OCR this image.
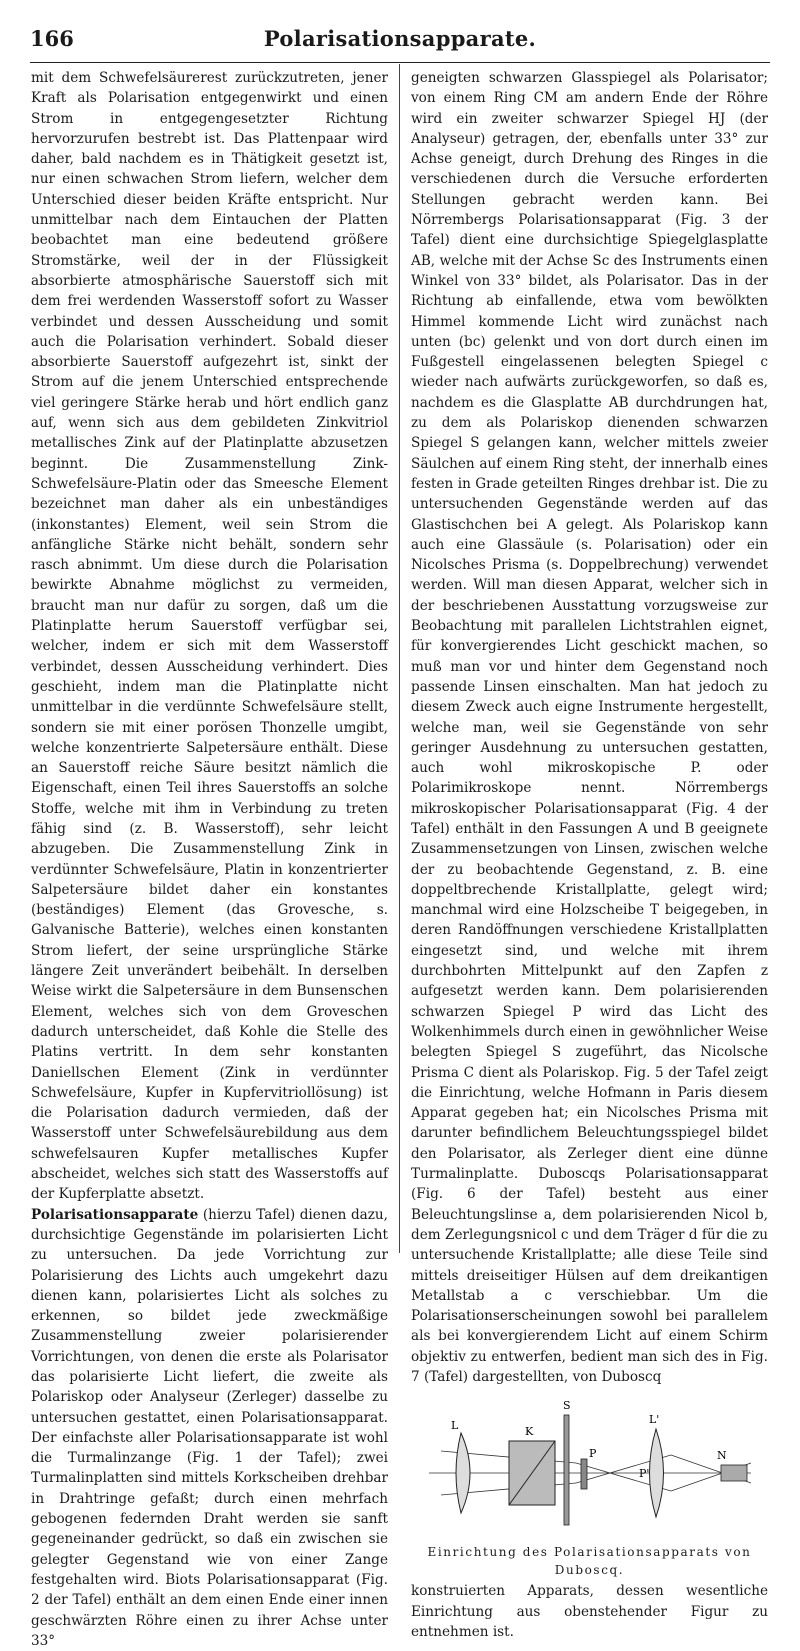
166	Polarisationsapparate.

mit dem Schwefelsäurerest zurückzutreten, jener Kraft als Polarisation entgegenwirkt und einen Strom in entgegengesetzter Richtung hervorzurufen bestrebt ist. Das Plattenpaar wird daher, bald nachdem es in Thätigkeit gesetzt ist, nur einen schwachen Strom liefern, welcher dem Unterschied dieser beiden Kräfte entspricht. Nur unmittelbar nach dem Eintauchen der Platten beobachtet man eine bedeutend größere Stromstärke, weil der in der Flüssigkeit absorbierte atmosphärische Sauerstoff sich mit dem frei werdenden Wasserstoff sofort zu Wasser verbindet und dessen Ausscheidung und somit auch die Polarisation verhindert. Sobald dieser absorbierte Sauerstoff aufgezehrt ist, sinkt der Strom auf die jenem Unterschied entsprechende viel geringere Stärke herab und hört endlich ganz auf, wenn sich aus dem gebildeten Zinkvitriol metallisches Zink auf der Platinplatte abzusetzen beginnt. Die Zusammenstellung Zink-Schwefelsäure-Platin oder das Smeesche Element bezeichnet man daher als ein unbeständiges (inkonstantes) Element, weil sein Strom die anfängliche Stärke nicht behält, sondern sehr rasch abnimmt. Um diese durch die Polarisation bewirkte Abnahme möglichst zu vermeiden, braucht man nur dafür zu sorgen, daß um die Platinplatte herum Sauerstoff verfügbar sei, welcher, indem er sich mit dem Wasserstoff verbindet, dessen Ausscheidung verhindert. Dies geschieht, indem man die Platinplatte nicht unmittelbar in die verdünnte Schwefelsäure stellt, sondern sie mit einer porösen Thonzelle umgibt, welche konzentrierte Salpetersäure enthält. Diese an Sauerstoff reiche Säure besitzt nämlich die Eigenschaft, einen Teil ihres Sauerstoffs an solche Stoffe, welche mit ihm in Verbindung zu treten fähig sind (z. B. Wasserstoff), sehr leicht abzugeben. Die Zusammenstellung Zink in verdünnter Schwefelsäure, Platin in konzentrierter Salpetersäure bildet daher ein konstantes (beständiges) Element (das Grovesche, s. Galvanische Batterie), welches einen konstanten Strom liefert, der seine ursprüngliche Stärke längere Zeit unverändert beibehält. In derselben Weise wirkt die Salpetersäure in dem Bunsenschen Element, welches sich von dem Groveschen dadurch unterscheidet, daß Kohle die Stelle des Platins vertritt. In dem sehr konstanten Daniellschen Element (Zink in verdünnter Schwefelsäure, Kupfer in Kupfervitriollösung) ist die Polarisation dadurch vermieden, daß der Wasserstoff unter Schwefelsäurebildung aus dem schwefelsauren Kupfer metallisches Kupfer abscheidet, welches sich statt des Wasserstoffs auf der Kupferplatte absetzt.

Polarisationsapparate (hierzu Tafel) dienen dazu, durchsichtige Gegenstände im polarisierten Licht zu untersuchen. Da jede Vorrichtung zur Polarisierung des Lichts auch umgekehrt dazu dienen kann, polarisiertes Licht als solches zu erkennen, so bildet jede zweckmäßige Zusammenstellung zweier polarisierender Vorrichtungen, von denen die erste als Polarisator das polarisierte Licht liefert, die zweite als Polariskop oder Analyseur (Zerleger) dasselbe zu untersuchen gestattet, einen Polarisationsapparat. Der einfachste aller Polarisationsapparate ist wohl die Turmalinzange (Fig. 1 der Tafel); zwei Turmalinplatten sind mittels Korkscheiben drehbar in Drahtringe gefaßt; durch einen mehrfach gebogenen federnden Draht werden sie sanft gegeneinander gedrückt, so daß ein zwischen sie gelegter Gegenstand wie von einer Zange festgehalten wird. Biots Polarisationsapparat (Fig. 2 der Tafel) enthält an dem einen Ende einer innen geschwärzten Röhre einen zu ihrer Achse unter 33°

geneigten schwarzen Glasspiegel als Polarisator; von einem Ring CM am andern Ende der Röhre wird ein zweiter schwarzer Spiegel HJ (der Analyseur) getragen, der, ebenfalls unter 33° zur Achse geneigt, durch Drehung des Ringes in die verschiedenen durch die Versuche erforderten Stellungen gebracht werden kann. Bei Nörrembergs Polarisationsapparat (Fig. 3 der Tafel) dient eine durchsichtige Spiegelglasplatte AB, welche mit der Achse Sc des Instruments einen Winkel von 33° bildet, als Polarisator. Das in der Richtung ab einfallende, etwa vom bewölkten Himmel kommende Licht wird zunächst nach unten (bc) gelenkt und von dort durch einen im Fußgestell eingelassenen belegten Spiegel c wieder nach aufwärts zurückgeworfen, so daß es, nachdem es die Glasplatte AB durchdrungen hat, zu dem als Polariskop dienenden schwarzen Spiegel S gelangen kann, welcher mittels zweier Säulchen auf einem Ring steht, der innerhalb eines festen in Grade geteilten Ringes drehbar ist. Die zu untersuchenden Gegenstände werden auf das Glastischchen bei A gelegt. Als Polariskop kann auch eine Glassäule (s. Polarisation) oder ein Nicolsches Prisma (s. Doppelbrechung) verwendet werden. Will man diesen Apparat, welcher sich in der beschriebenen Ausstattung vorzugsweise zur Beobachtung mit parallelen Lichtstrahlen eignet, für konvergierendes Licht geschickt machen, so muß man vor und hinter dem Gegenstand noch passende Linsen einschalten. Man hat jedoch zu diesem Zweck auch eigne Instrumente hergestellt, welche man, weil sie Gegenstände von sehr geringer Ausdehnung zu untersuchen gestatten, auch wohl mikroskopische P. oder Polarimikroskope nennt. Nörrembergs mikroskopischer Polarisationsapparat (Fig. 4 der Tafel) enthält in den Fassungen A und B geeignete Zusammensetzungen von Linsen, zwischen welche der zu beobachtende Gegenstand, z. B. eine doppeltbrechende Kristallplatte, gelegt wird; manchmal wird eine Holzscheibe T beigegeben, in deren Randöffnungen verschiedene Kristallplatten eingesetzt sind, und welche mit ihrem durchbohrten Mittelpunkt auf den Zapfen z aufgesetzt werden kann. Dem polarisierenden schwarzen Spiegel P wird das Licht des Wolkenhimmels durch einen in gewöhnlicher Weise belegten Spiegel S zugeführt, das Nicolsche Prisma C dient als Polariskop. Fig. 5 der Tafel zeigt die Einrichtung, welche Hofmann in Paris diesem Apparat gegeben hat; ein Nicolsches Prisma mit darunter befindlichem Beleuchtungsspiegel bildet den Polarisator, als Zerleger dient eine dünne Turmalinplatte. Duboscqs Polarisationsapparat (Fig. 6 der Tafel) besteht aus einer Beleuchtungslinse a, dem polarisierenden Nicol b, dem Zerlegungsnicol c und dem Träger d für die zu untersuchende Kristallplatte; alle diese Teile sind mittels dreiseitiger Hülsen auf dem dreikantigen Metallstab a c verschiebbar. Um die Polarisationserscheinungen sowohl bei parallelem als bei konvergierendem Licht auf einem Schirm objektiv zu entwerfen, bedient man sich des in Fig. 7 (Tafel) dargestellten, von Duboscq

L	K
S
P
L'
P'
N
Einrichtung des Polarisationsapparats von Duboscq.

konstruierten Apparats, dessen wesentliche Einrichtung aus obenstehender Figur zu entnehmen ist.
